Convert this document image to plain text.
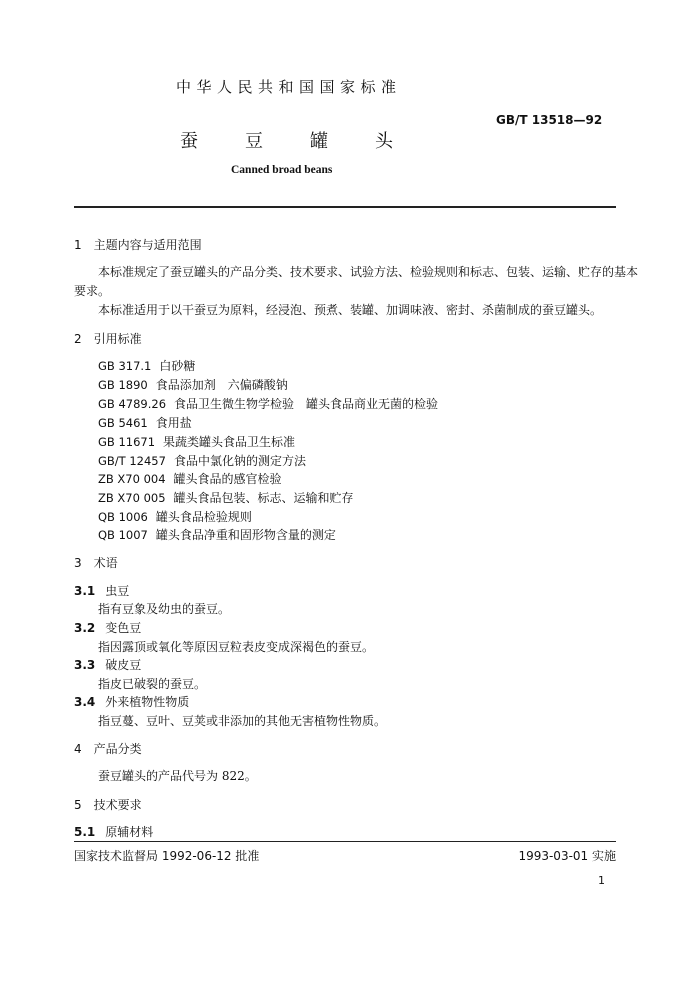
中华人民共和国国家标准
GB/T 13518—92
蚕	豆	罐	头
Canned broad beans
1　主题内容与适用范围
本标准规定了蚕豆罐头的产品分类、技术要求、试验方法、检验规则和标志、包装、运输、贮存的基本
要求。
本标准适用于以干蚕豆为原料，经浸泡、预煮、装罐、加调味液、密封、杀菌制成的蚕豆罐头。
2　引用标准
GB 317.1 白砂糖
GB 1890 食品添加剂　六偏磷酸钠
GB 4789.26 食品卫生微生物学检验　罐头食品商业无菌的检验
GB 5461 食用盐
GB 11671 果蔬类罐头食品卫生标准
GB/T 12457 食品中氯化钠的测定方法
ZB X70 004 罐头食品的感官检验
ZB X70 005 罐头食品包装、标志、运输和贮存
QB 1006 罐头食品检验规则
QB 1007 罐头食品净重和固形物含量的测定
3　术语
3.1 虫豆
指有豆象及幼虫的蚕豆。
3.2 变色豆
指因露顶或氧化等原因豆粒表皮变成深褐色的蚕豆。
3.3 破皮豆
指皮已破裂的蚕豆。
3.4 外来植物性物质
指豆蔓、豆叶、豆荚或非添加的其他无害植物性物质。
4　产品分类
蚕豆罐头的产品代号为 822。
5　技术要求
5.1 原辅材料
国家技术监督局 1992-06-12 批准	1993-03-01 实施
1
